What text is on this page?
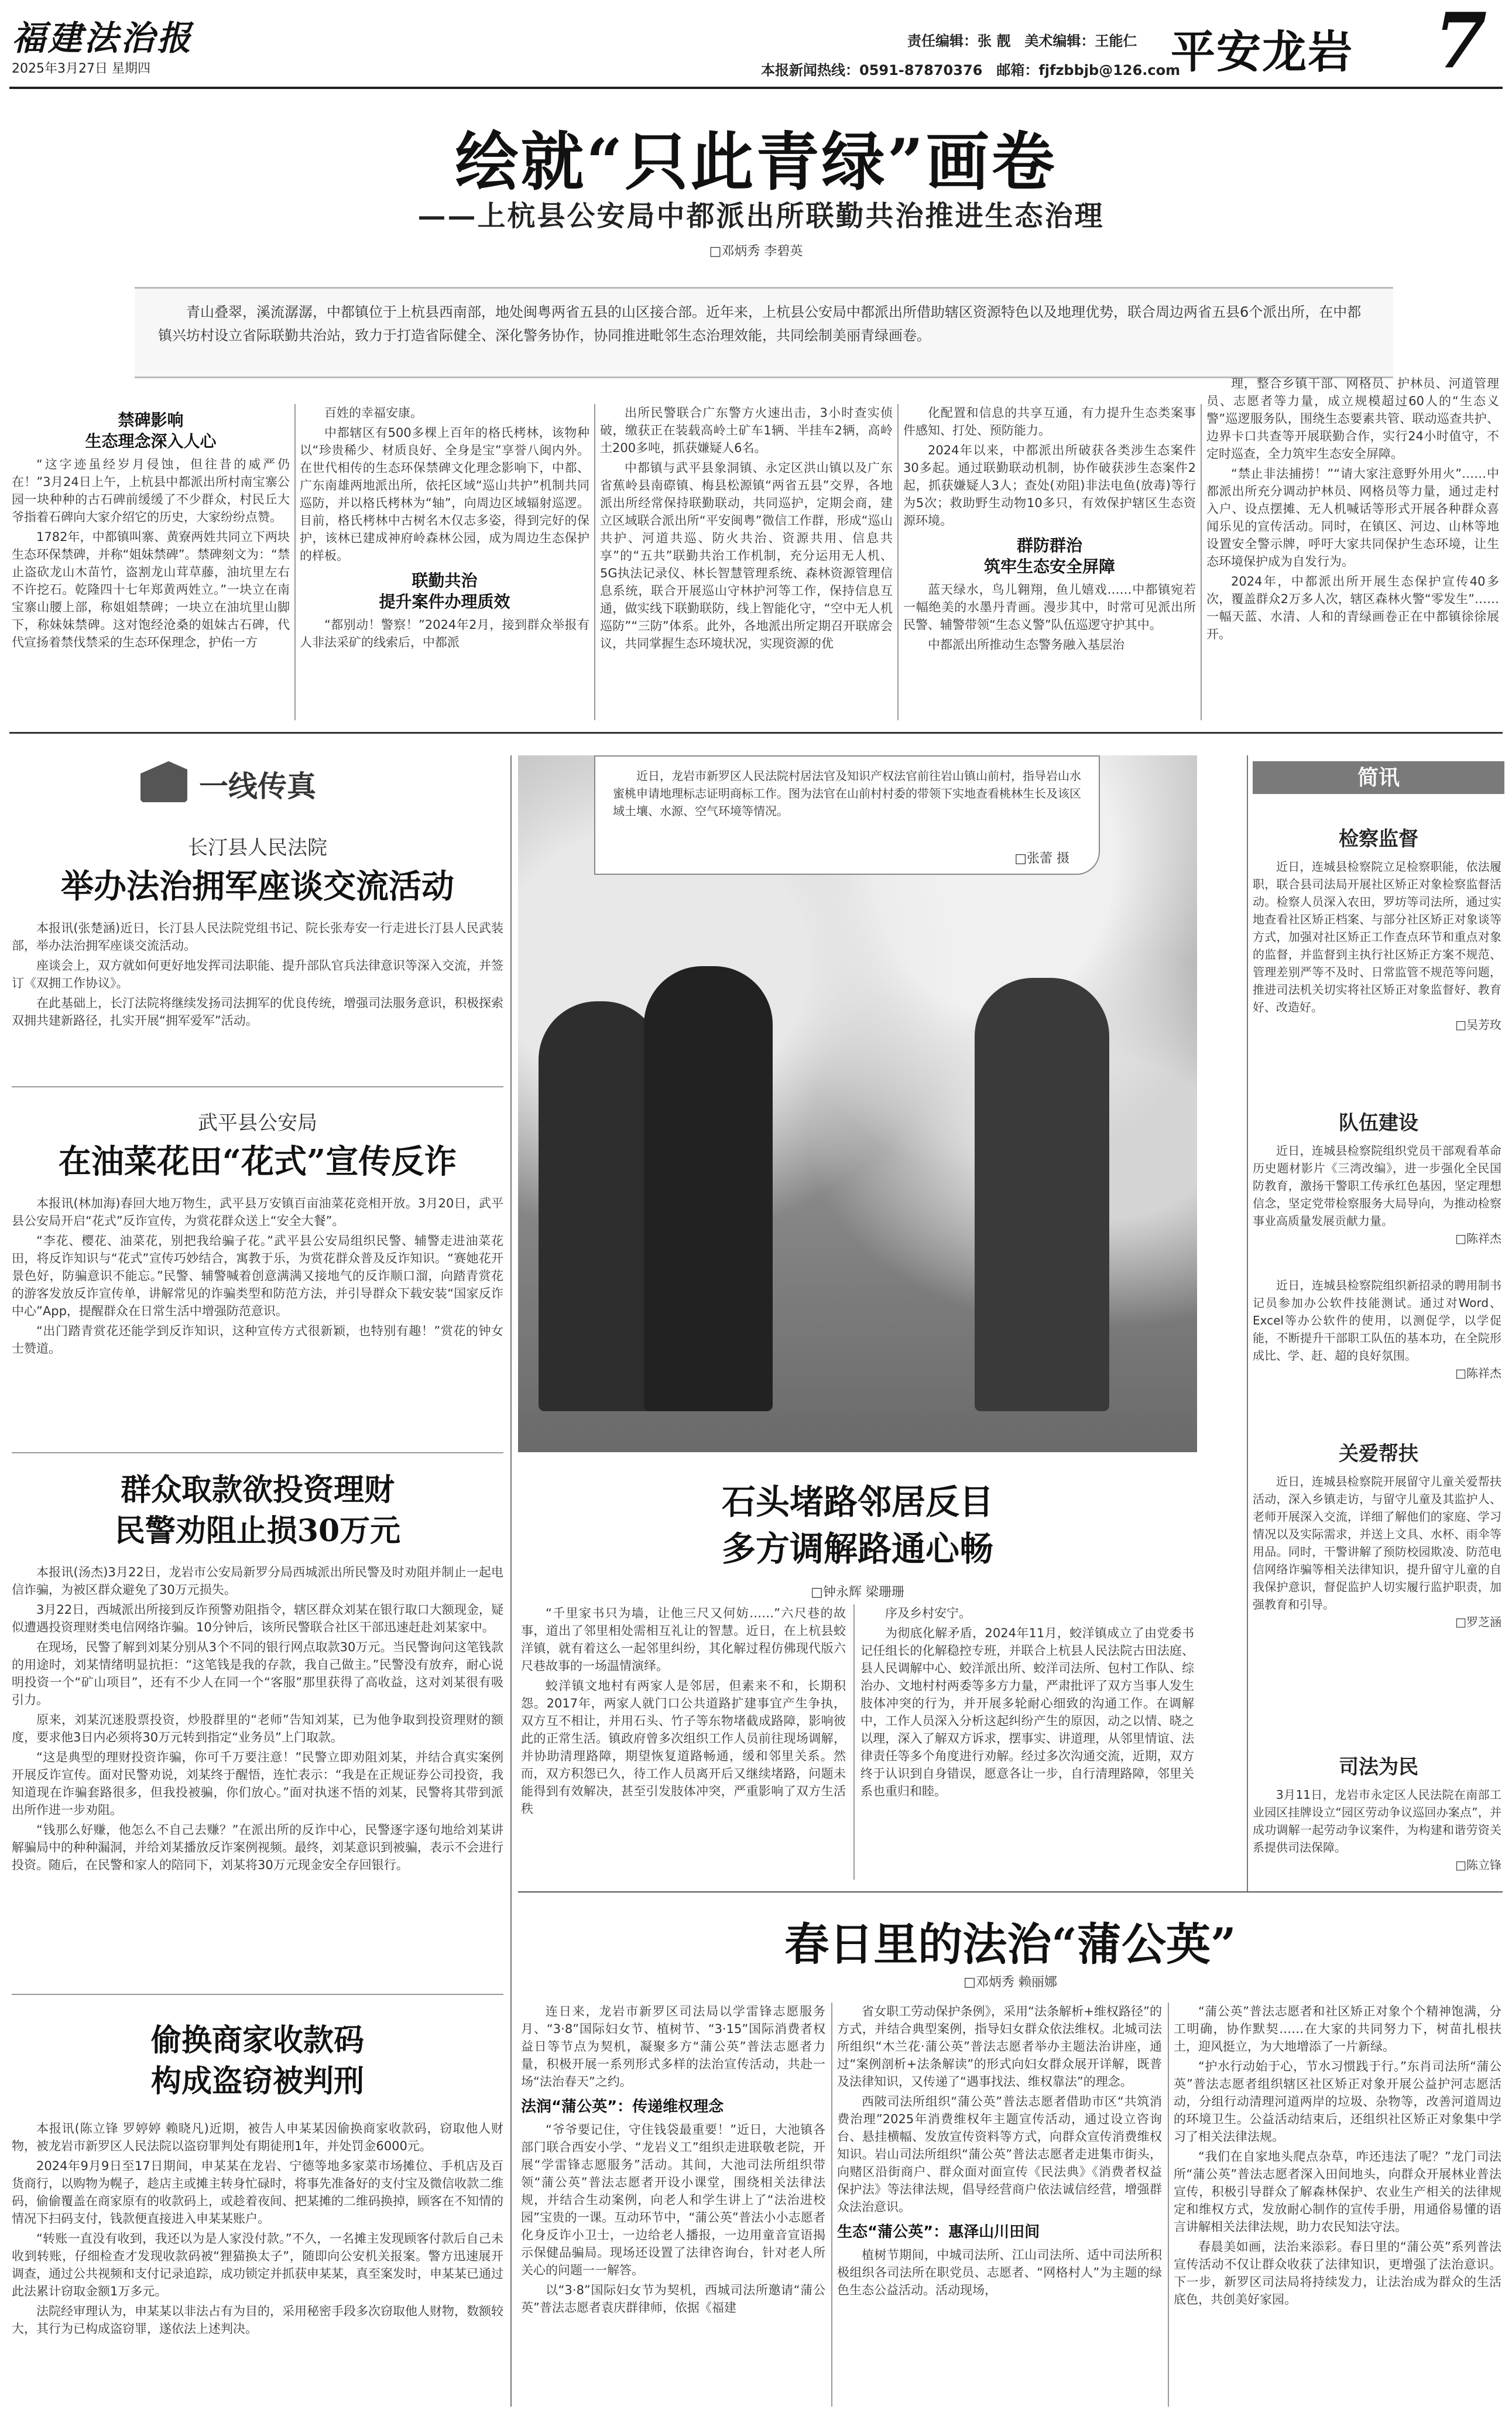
福建法治报
2025年3月27日 星期四
责任编辑：张 靓　美术编辑：王能仁
本报新闻热线：0591-87870376　邮箱：fjfzbbjb@126.com
平安龙岩 7
绘就“只此青绿”画卷
——上杭县公安局中都派出所联勤共治推进生态治理
□邓炳秀 李碧英
青山叠翠，溪流潺潺，中都镇位于上杭县西南部，地处闽粤两省五县的山区接合部。近年来，上杭县公安局中都派出所借助辖区资源特色以及地理优势，联合周边两省五县6个派出所，在中都镇兴坊村设立省际联勤共治站，致力于打造省际健全、深化警务协作，协同推进毗邻生态治理效能，共同绘制美丽青绿画卷。
禁碑影响
生态理念深入人心

“这字迹虽经岁月侵蚀，但往昔的威严仍在！”3月24日上午，上杭县中都派出所村南宝寨公园一块种种的古石碑前缓缓了不少群众，村民丘大爷指着石碑向大家介绍它的历史，大家纷纷点赞。

1782年，中都镇叫寨、黄寮两姓共同立下两块生态环保禁碑，并称“姐妹禁碑”。禁碑刻文为：“禁止盗砍龙山木苗竹，盗割龙山茸草藤，油坑里左右不许挖石。乾隆四十七年郑黄两姓立。”一块立在南宝寨山腰上部，称姐姐禁碑；一块立在油坑里山脚下，称妹妹禁碑。这对饱经沧桑的姐妹古石碑，代代宣扬着禁伐禁采的生态环保理念，护佑一方

百姓的幸福安康。

中都辖区有500多棵上百年的格氏栲林，该物种以“珍贵稀少、材质良好、全身是宝”享誉八闽内外。在世代相传的生态环保禁碑文化理念影响下，中都、广东南雄两地派出所，依托区域“巡山共护”机制共同巡防，并以格氏栲林为“轴”，向周边区域辐射巡逻。目前，格氏栲林中古树名木仅志多姿，得到完好的保护，该林已建成神府岭森林公园，成为周边生态保护的样板。

联勤共治
提升案件办理质效

“都别动！警察！”2024年2月，接到群众举报有人非法采矿的线索后，中都派

出所民警联合广东警方火速出击，3小时查实侦破，缴获正在装载高岭土矿车1辆、半挂车2辆，高岭土200多吨，抓获嫌疑人6名。

中都镇与武平县象洞镇、永定区洪山镇以及广东省蕉岭县南磜镇、梅县松源镇“两省五县”交界，各地派出所经常保持联勤联动，共同巡护，定期会商，建立区域联合派出所“平安闽粤”微信工作群，形成“巡山共护、河道共巡、防火共治、资源共用、信息共享”的“五共”联勤共治工作机制，充分运用无人机、5G执法记录仪、林长智慧管理系统、森林资源管理信息系统，联合开展巡山守林护河等工作，保持信息互通，做实线下联勤联防，线上智能化守，“空中无人机巡防”“三防”体系。此外，各地派出所定期召开联席会议，共同掌握生态环境状况，实现资源的优

化配置和信息的共享互通，有力提升生态类案事件感知、打处、预防能力。

2024年以来，中都派出所破获各类涉生态案件30多起。通过联勤联动机制，协作破获涉生态案件2起，抓获嫌疑人3人；查处(劝阻)非法电鱼(放毒)等行为5次；救助野生动物10多只，有效保护辖区生态资源环境。

群防群治
筑牢生态安全屏障

蓝天绿水，鸟儿翱翔，鱼儿嬉戏……中都镇宛若一幅绝美的水墨丹青画。漫步其中，时常可见派出所民警、辅警带领“生态义警”队伍巡逻守护其中。

中都派出所推动生态警务融入基层治

理，整合乡镇干部、网格员、护林员、河道管理员、志愿者等力量，成立规模超过60人的“生态义警”巡逻服务队，围绕生态要素共管、联动巡查共护、边界卡口共查等开展联勤合作，实行24小时值守，不定时巡查，全力筑牢生态安全屏障。

“禁止非法捕捞！”“请大家注意野外用火”……中都派出所充分调动护林员、网格员等力量，通过走村入户、设点摆摊、无人机喊话等形式开展各种群众喜闻乐见的宣传活动。同时，在镇区、河边、山林等地设置安全警示牌，呼吁大家共同保护生态环境，让生态环境保护成为自发行为。

2024年，中都派出所开展生态保护宣传40多次，覆盖群众2万多人次，辖区森林火警“零发生”……一幅天蓝、水清、人和的青绿画卷正在中都镇徐徐展开。

一线传真
长汀县人民法院
举办法治拥军座谈交流活动

本报讯(张楚涵)近日，长汀县人民法院党组书记、院长张寿安一行走进长汀县人民武装部，举办法治拥军座谈交流活动。

座谈会上，双方就如何更好地发挥司法职能、提升部队官兵法律意识等深入交流，并签订《双拥工作协议》。

在此基础上，长汀法院将继续发扬司法拥军的优良传统，增强司法服务意识，积极探索双拥共建新路径，扎实开展“拥军爱军”活动。

武平县公安局
在油菜花田“花式”宣传反诈

本报讯(林加海)春回大地万物生，武平县万安镇百亩油菜花竞相开放。3月20日，武平县公安局开启“花式”反诈宣传，为赏花群众送上“安全大餐”。

“李花、樱花、油菜花，别把我给骗子花。”武平县公安局组织民警、辅警走进油菜花田，将反诈知识与“花式”宣传巧妙结合，寓教于乐，为赏花群众普及反诈知识。“赛她花开景色好，防骗意识不能忘。”民警、辅警喊着创意满满又接地气的反诈顺口溜，向踏青赏花的游客发放反诈宣传单，讲解常见的诈骗类型和防范方法，并引导群众下载安装“国家反诈中心”App，提醒群众在日常生活中增强防范意识。

“出门踏青赏花还能学到反诈知识，这种宣传方式很新颖，也特别有趣！”赏花的钟女士赞道。

群众取款欲投资理财
民警劝阻止损30万元

本报讯(汤杰)3月22日，龙岩市公安局新罗分局西城派出所民警及时劝阻并制止一起电信诈骗，为被区群众避免了30万元损失。

3月22日，西城派出所接到反诈预警劝阻指令，辖区群众刘某在银行取口大额现金，疑似遭遇投资理财类电信网络诈骗。10分钟后，该所民警联合社区干部迅速赶赴刘某家中。

在现场，民警了解到刘某分别从3个不同的银行网点取款30万元。当民警询问这笔钱款的用途时，刘某情绪明显抗拒：“这笔钱是我的存款，我自己做主。”民警没有放弃，耐心说明投资一个“矿山项目”，还有不少人在同一个“客服”那里获得了高收益，这对刘某很有吸引力。

原来，刘某沉迷股票投资，炒股群里的“老师”告知刘某，已为他争取到投资理财的额度，要求他3日内必须将30万元转到指定“业务员”上门取款。

“这是典型的理财投资诈骗，你可千万要注意！”民警立即劝阻刘某，并结合真实案例开展反诈宣传。面对民警劝说，刘某终于醒悟，连忙表示：“我是在正规证券公司投资，我知道现在诈骗套路很多，但我投被骗，你们放心。”面对执迷不悟的刘某，民警将其带到派出所作进一步劝阻。

“钱那么好赚，他怎么不自己去赚？”在派出所的反诈中心，民警逐字逐句地给刘某讲解骗局中的种种漏洞，并给刘某播放反诈案例视频。最终，刘某意识到被骗，表示不会进行投资。随后，在民警和家人的陪同下，刘某将30万元现金安全存回银行。

偷换商家收款码
构成盗窃被判刑

本报讯(陈立锋 罗婷婷 赖晓凡)近期，被告人申某某因偷换商家收款码，窃取他人财物，被龙岩市新罗区人民法院以盗窃罪判处有期徒刑1年，并处罚金6000元。

2024年9月9日至17日期间，申某某在龙岩、宁德等地多家菜市场摊位、手机店及百货商行，以购物为幌子，趁店主或摊主转身忙碌时，将事先准备好的支付宝及微信收款二维码，偷偷覆盖在商家原有的收款码上，或趁着夜间、把某摊的二维码换掉，顾客在不知情的情况下扫码支付，钱款便直接进入申某某账户。

“转账一直没有收到，我还以为是人家没付款。”不久，一名摊主发现顾客付款后自己未收到转账，仔细检查才发现收款码被“狸猫换太子”，随即向公安机关报案。警方迅速展开调查，通过公共视频和支付记录追踪，成功锁定并抓获申某某，真至案发时，申某某已通过此法累计窃取金额1万多元。

法院经审理认为，申某某以非法占有为目的，采用秘密手段多次窃取他人财物，数额较大，其行为已构成盗窃罪，遂依法上述判决。

近日，龙岩市新罗区人民法院村居法官及知识产权法官前往岩山镇山前村，指导岩山水蜜桃申请地理标志证明商标工作。图为法官在山前村村委的带领下实地查看桃林生长及该区域土壤、水源、空气环境等情况。
□张蕾 摄
石头堵路邻居反目
多方调解路通心畅
□钟永辉 梁珊珊

“千里家书只为墙，让他三尺又何妨……”六尺巷的故事，道出了邻里相处需相互礼让的智慧。近日，在上杭县蛟洋镇，就有着这么一起邻里纠纷，其化解过程仿佛现代版六尺巷故事的一场温情演绎。

蛟洋镇文地村有两家人是邻居，但素来不和，长期积怨。2017年，两家人就门口公共道路扩建事宜产生争执，双方互不相让，并用石头、竹子等东物堵截成路障，影响彼此的正常生活。镇政府曾多次组织工作人员前往现场调解，并协助清理路障，期望恢复道路畅通，缓和邻里关系。然而，双方积怨已久，待工作人员离开后又继续堵路，问题未能得到有效解决，甚至引发肢体冲突，严重影响了双方生活秩

序及乡村安宁。

为彻底化解矛盾，2024年11月，蛟洋镇成立了由党委书记任组长的化解稳控专班，并联合上杭县人民法院古田法庭、县人民调解中心、蛟洋派出所、蛟洋司法所、包村工作队、综治办、文地村村两委等多方力量，严肃批评了双方当事人发生肢体冲突的行为，并开展多轮耐心细致的沟通工作。在调解中，工作人员深入分析这起纠纷产生的原因，动之以情、晓之以理，深入了解双方诉求，摆事实、讲道理，从邻里情谊、法律责任等多个角度进行劝解。经过多次沟通交流，近期，双方终于认识到自身错误，愿意各让一步，自行清理路障，邻里关系也重归和睦。

简讯
检察监督

近日，连城县检察院立足检察职能，依法履职，联合县司法局开展社区矫正对象检察监督活动。检察人员深入农田，罗坊等司法所，通过实地查看社区矫正档案、与部分社区矫正对象谈等方式，加强对社区矫正工作查点环节和重点对象的监督，并监督到主执行社区矫正方案不规范、管理差别严等不及时、日常监管不规范等问题，推进司法机关切实将社区矫正对象监督好、教育好、改造好。

□吴芳玫
队伍建设

近日，连城县检察院组织党员干部观看革命历史题材影片《三湾改编》，进一步强化全民国防教育，激扬干警职工传承红色基因，坚定理想信念，坚定党带检察服务大局导向，为推动检察事业高质量发展贡献力量。

□陈祥杰

近日，连城县检察院组织新招录的聘用制书记员参加办公软件技能测试。通过对Word、Excel等办公软件的使用，以测促学，以学促能，不断提升干部职工队伍的基本功，在全院形成比、学、赶、超的良好氛围。

□陈祥杰
关爱帮扶

近日，连城县检察院开展留守儿童关爱帮扶活动，深入乡镇走访，与留守儿童及其监护人、老师开展深入交流，详细了解他们的家庭、学习情况以及实际需求，并送上文具、水杯、雨伞等用品。同时，干警讲解了预防校园欺凌、防范电信网络诈骗等相关法律知识，提升留守儿童的自我保护意识，督促监护人切实履行监护职责，加强教育和引导。

□罗芝涵
司法为民

3月11日，龙岩市永定区人民法院在南部工业园区挂牌设立“园区劳动争议巡回办案点”，并成功调解一起劳动争议案件，为构建和谐劳资关系提供司法保障。

□陈立锋
春日里的法治“蒲公英”
□邓炳秀 赖丽娜

连日来，龙岩市新罗区司法局以学雷锋志愿服务月、“3·8”国际妇女节、植树节、“3·15”国际消费者权益日等节点为契机，凝聚多方“蒲公英”普法志愿者力量，积极开展一系列形式多样的法治宣传活动，共赴一场“法治春天”之约。

法润“蒲公英”：传递维权理念

“爷爷要记住，守住钱袋最重要！”近日，大池镇各部门联合西安小学、“龙岩义工”组织走进联敬老院，开展“学雷锋志愿服务”活动。其间，大池司法所组织带领“蒲公英”普法志愿者开设小课堂，围绕相关法律法规，并结合生动案例，向老人和学生讲上了“法治进校园”宝贵的一课。互动环节中，“蒲公英”普法小小志愿者化身反诈小卫士，一边给老人播报，一边用童音宣语揭示保健品骗局。现场还设置了法律咨询台，针对老人所关心的问题一一解答。

以“3·8”国际妇女节为契机，西城司法所邀请“蒲公英”普法志愿者袁庆群律师，依据《福建

省女职工劳动保护条例》，采用“法条解析+维权路径”的方式，并结合典型案例，指导妇女群众依法维权。北城司法所组织“木兰花·蒲公英”普法志愿者举办主题法治讲座，通过“案例剖析+法条解读”的形式向妇女群众展开详解，既普及法律知识，又传递了“遇事找法、维权靠法”的理念。

西陂司法所组织“蒲公英”普法志愿者借助市区“共筑消费治理”2025年消费维权年主题宣传活动，通过设立咨询台、悬挂横幅、发放宣传资料等方式，向群众宣传消费维权知识。岩山司法所组织“蒲公英”普法志愿者走进集市街头，向赌区沿街商户、群众面对面宣传《民法典》《消费者权益保护法》等法律法规，倡导经营商户依法诚信经营，增强群众法治意识。

生态“蒲公英”：惠泽山川田间

植树节期间，中城司法所、江山司法所、适中司法所积极组织各司法所在职党员、志愿者、“网格村人”为主题的绿色生态公益活动。活动现场，

“蒲公英”普法志愿者和社区矫正对象个个精神饱满，分工明确，协作默契……在大家的共同努力下，树苗扎根扶土，迎风挺立，为大地增添了一片新绿。

“护水行动始于心，节水习惯践于行。”东肖司法所“蒲公英”普法志愿者组织辖区社区矫正对象开展公益护河志愿活动，分组行动清理河道两岸的垃圾、杂物等，改善河道周边的环境卫生。公益活动结束后，还组织社区矫正对象集中学习了相关法律法规。

“我们在自家地头爬点杂草，咋还违法了呢？”龙门司法所“蒲公英”普法志愿者深入田间地头，向群众开展林业普法宣传，积极引导群众了解森林保护、农业生产相关的法律规定和维权方式，发放耐心制作的宣传手册，用通俗易懂的语言讲解相关法律法规，助力农民知法守法。

春晨美如画，法治来添彩。春日里的“蒲公英”系列普法宣传活动不仅让群众收获了法律知识，更增强了法治意识。下一步，新罗区司法局将持续发力，让法治成为群众的生活底色，共创美好家园。
